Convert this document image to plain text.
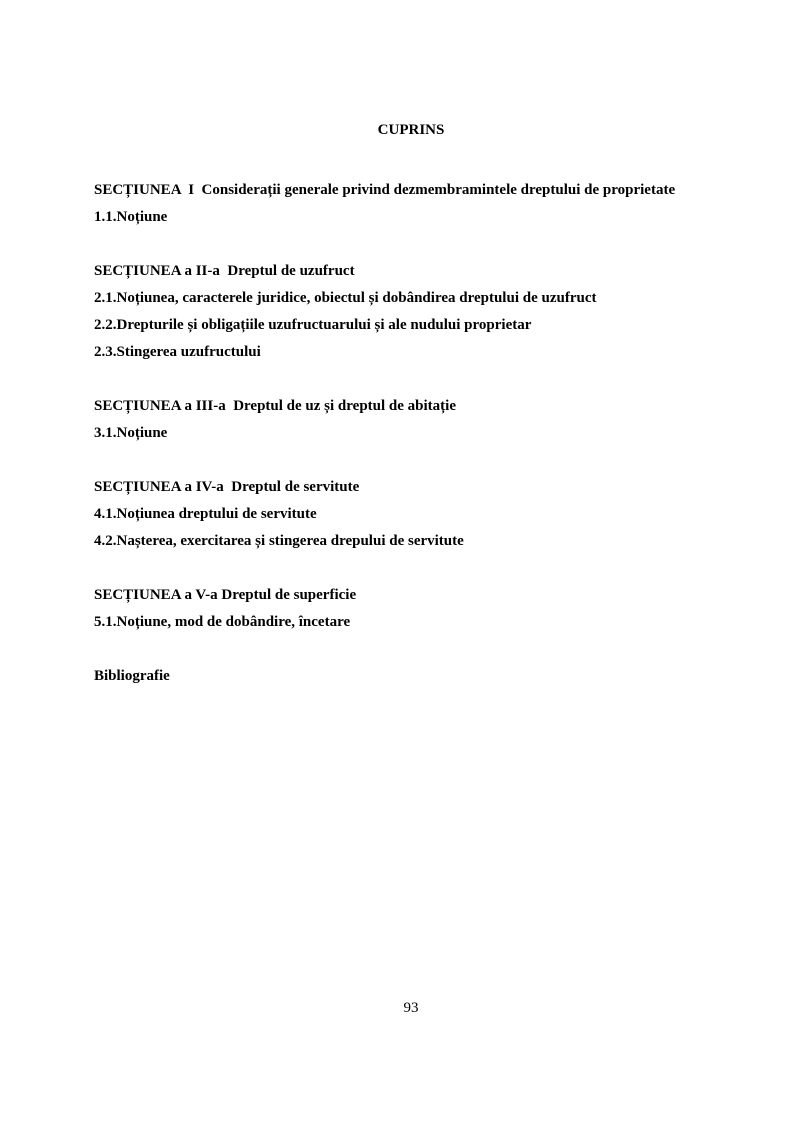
CUPRINS
SECȚIUNEA  I  Considerații generale privind dezmembramintele dreptului de proprietate
1.1.Noțiune
SECȚIUNEA a II-a  Dreptul de uzufruct
2.1.Noțiunea, caracterele juridice, obiectul și dobândirea dreptului de uzufruct
2.2.Drepturile și obligațiile uzufructuarului și ale nudului proprietar
2.3.Stingerea uzufructului
SECȚIUNEA a III-a  Dreptul de uz și dreptul de abitație
3.1.Noțiune
SECȚIUNEA a IV-a  Dreptul de servitute
4.1.Noțiunea dreptului de servitute
4.2.Nașterea, exercitarea și stingerea drepului de servitute
SECȚIUNEA a V-a Dreptul de superficie
5.1.Noțiune, mod de dobândire, încetare
Bibliografie
93
